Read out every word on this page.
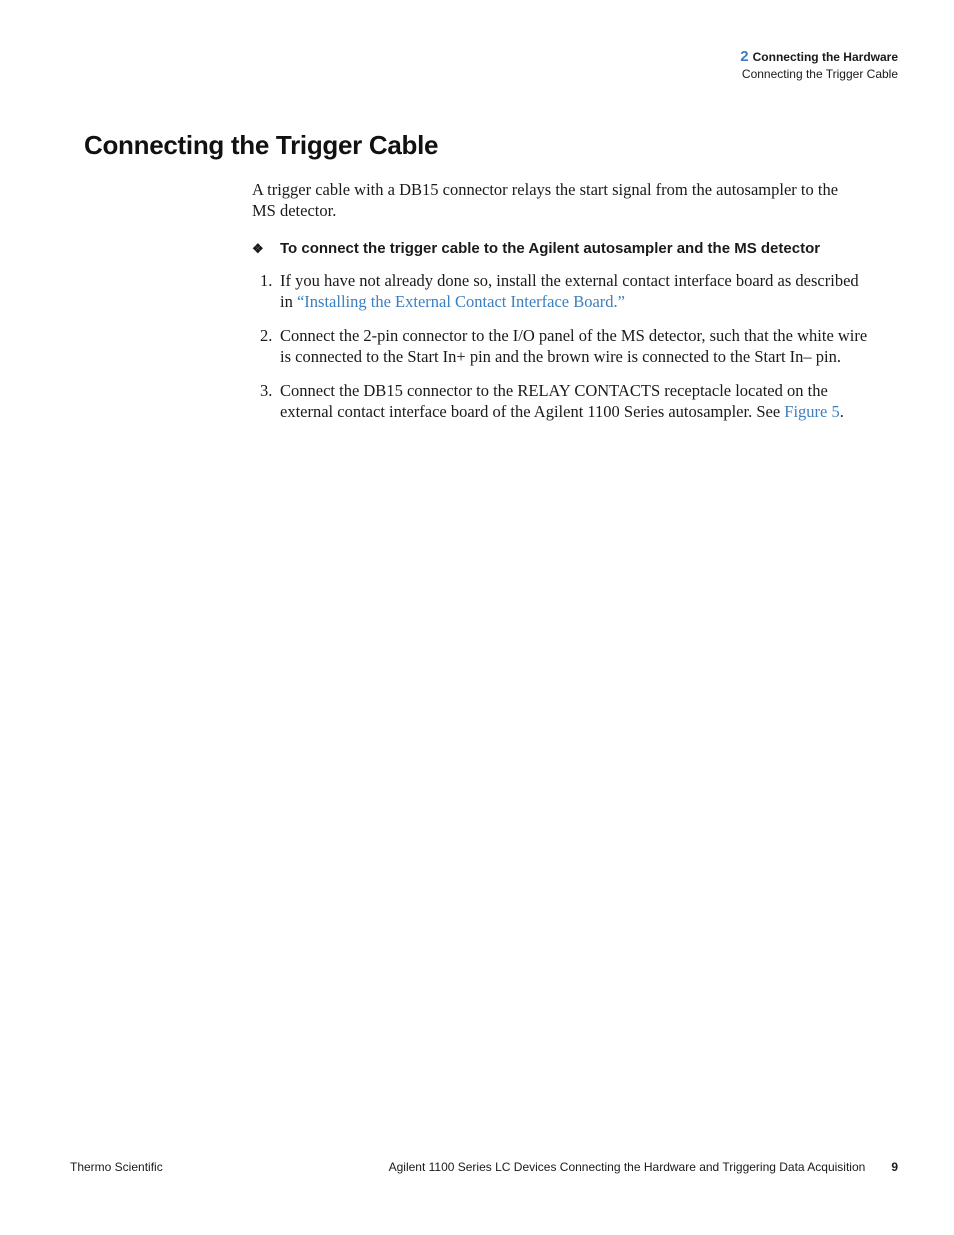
2 Connecting the Hardware
Connecting the Trigger Cable
Connecting the Trigger Cable

A trigger cable with a DB15 connector relays the start signal from the autosampler to the MS detector.

❖	To connect the trigger cable to the Agilent autosampler and the MS detector
1. If you have not already done so, install the external contact interface board as described in “Installing the External Contact Interface Board.”
2. Connect the 2-pin connector to the I/O panel of the MS detector, such that the white wire is connected to the Start In+ pin and the brown wire is connected to the Start In– pin.
3. Connect the DB15 connector to the RELAY CONTACTS receptacle located on the external contact interface board of the Agilent 1100 Series autosampler. See Figure 5.
Thermo Scientific	Agilent 1100 Series LC Devices Connecting the Hardware and Triggering Data Acquisition 9
